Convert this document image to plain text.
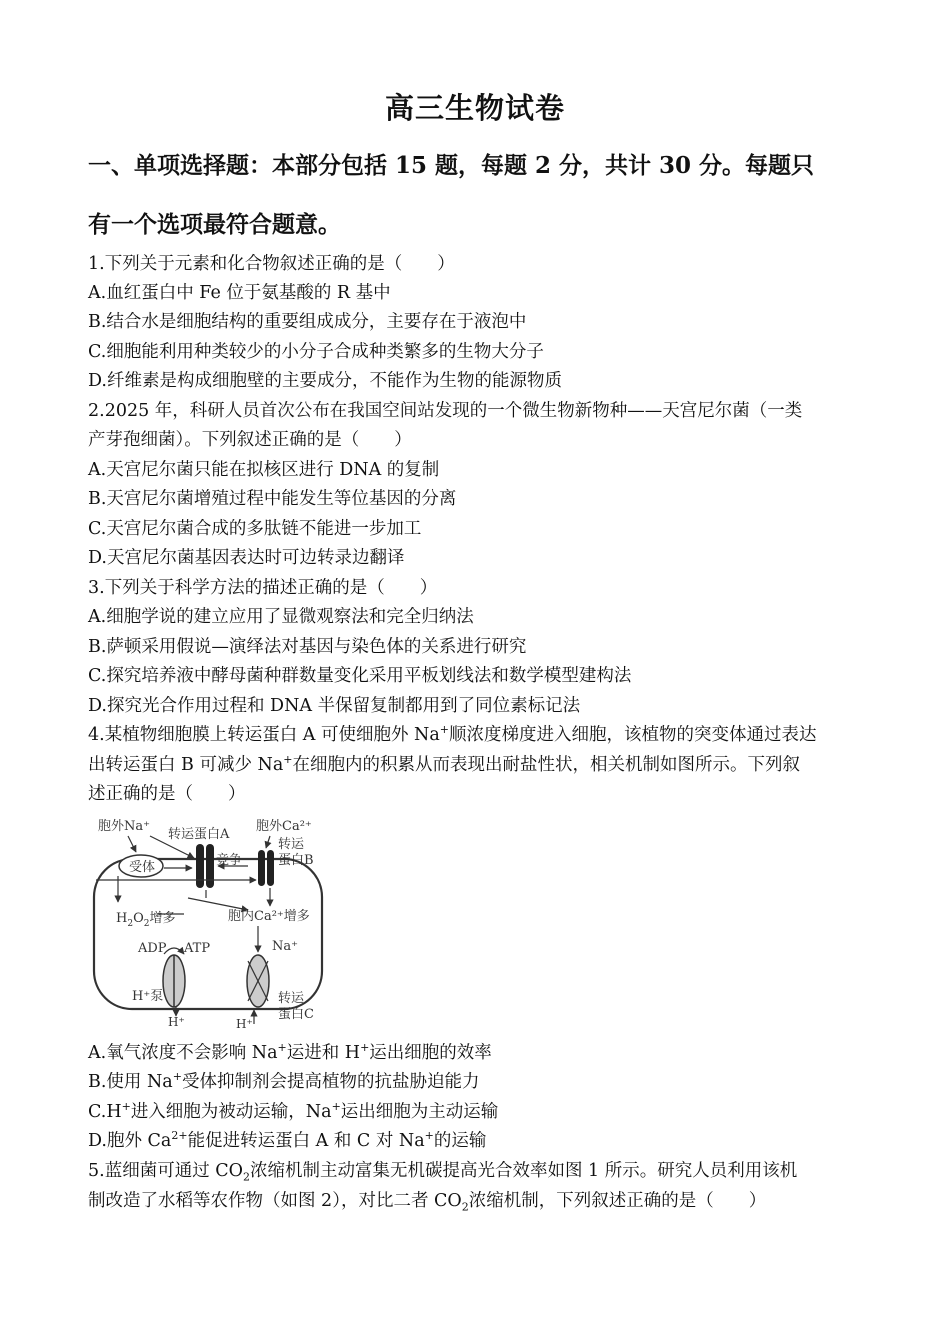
高三生物试卷
一、单项选择题：本部分包括 15 题，每题 2 分，共计 30 分。每题只
有一个选项最符合题意。
1.下列关于元素和化合物叙述正确的是（　　）
A.血红蛋白中 Fe 位于氨基酸的 R 基中
B.结合水是细胞结构的重要组成成分，主要存在于液泡中
C.细胞能利用种类较少的小分子合成种类繁多的生物大分子
D.纤维素是构成细胞壁的主要成分，不能作为生物的能源物质
2.2025 年，科研人员首次公布在我国空间站发现的一个微生物新物种——天宫尼尔菌（一类
产芽孢细菌）。下列叙述正确的是（　　）
A.天宫尼尔菌只能在拟核区进行 DNA 的复制
B.天宫尼尔菌增殖过程中能发生等位基因的分离
C.天宫尼尔菌合成的多肽链不能进一步加工
D.天宫尼尔菌基因表达时可边转录边翻译
3.下列关于科学方法的描述正确的是（　　）
A.细胞学说的建立应用了显微观察法和完全归纳法
B.萨顿采用假说—演绎法对基因与染色体的关系进行研究
C.探究培养液中酵母菌种群数量变化采用平板划线法和数学模型建构法
D.探究光合作用过程和 DNA 半保留复制都用到了同位素标记法
4.某植物细胞膜上转运蛋白 A 可使细胞外 Na+顺浓度梯度进入细胞，该植物的突变体通过表达
出转运蛋白 B 可减少 Na+在细胞内的积累从而表现出耐盐性状，相关机制如图所示。下列叙
述正确的是（　　）
胞外Na⁺
转运蛋白A
胞外Ca²⁺
转运
蛋白B
受体	竞争
$H_2O_2$增多	胞内Ca²⁺增多
ADP ATP
H⁺泵
H⁺
Na⁺
H⁺
转运
蛋白C
A.氧气浓度不会影响 Na+运进和 H+运出细胞的效率
B.使用 Na+受体抑制剂会提高植物的抗盐胁迫能力
C.H+进入细胞为被动运输，Na+运出细胞为主动运输
D.胞外 $Ca^{2+}$能促进转运蛋白 A 和 C 对 Na+的运输
5.蓝细菌可通过 $CO_2$浓缩机制主动富集无机碳提高光合效率如图 1 所示。研究人员利用该机
制改造了水稻等农作物（如图 2），对比二者 $CO_2$浓缩机制，下列叙述正确的是（　　）
